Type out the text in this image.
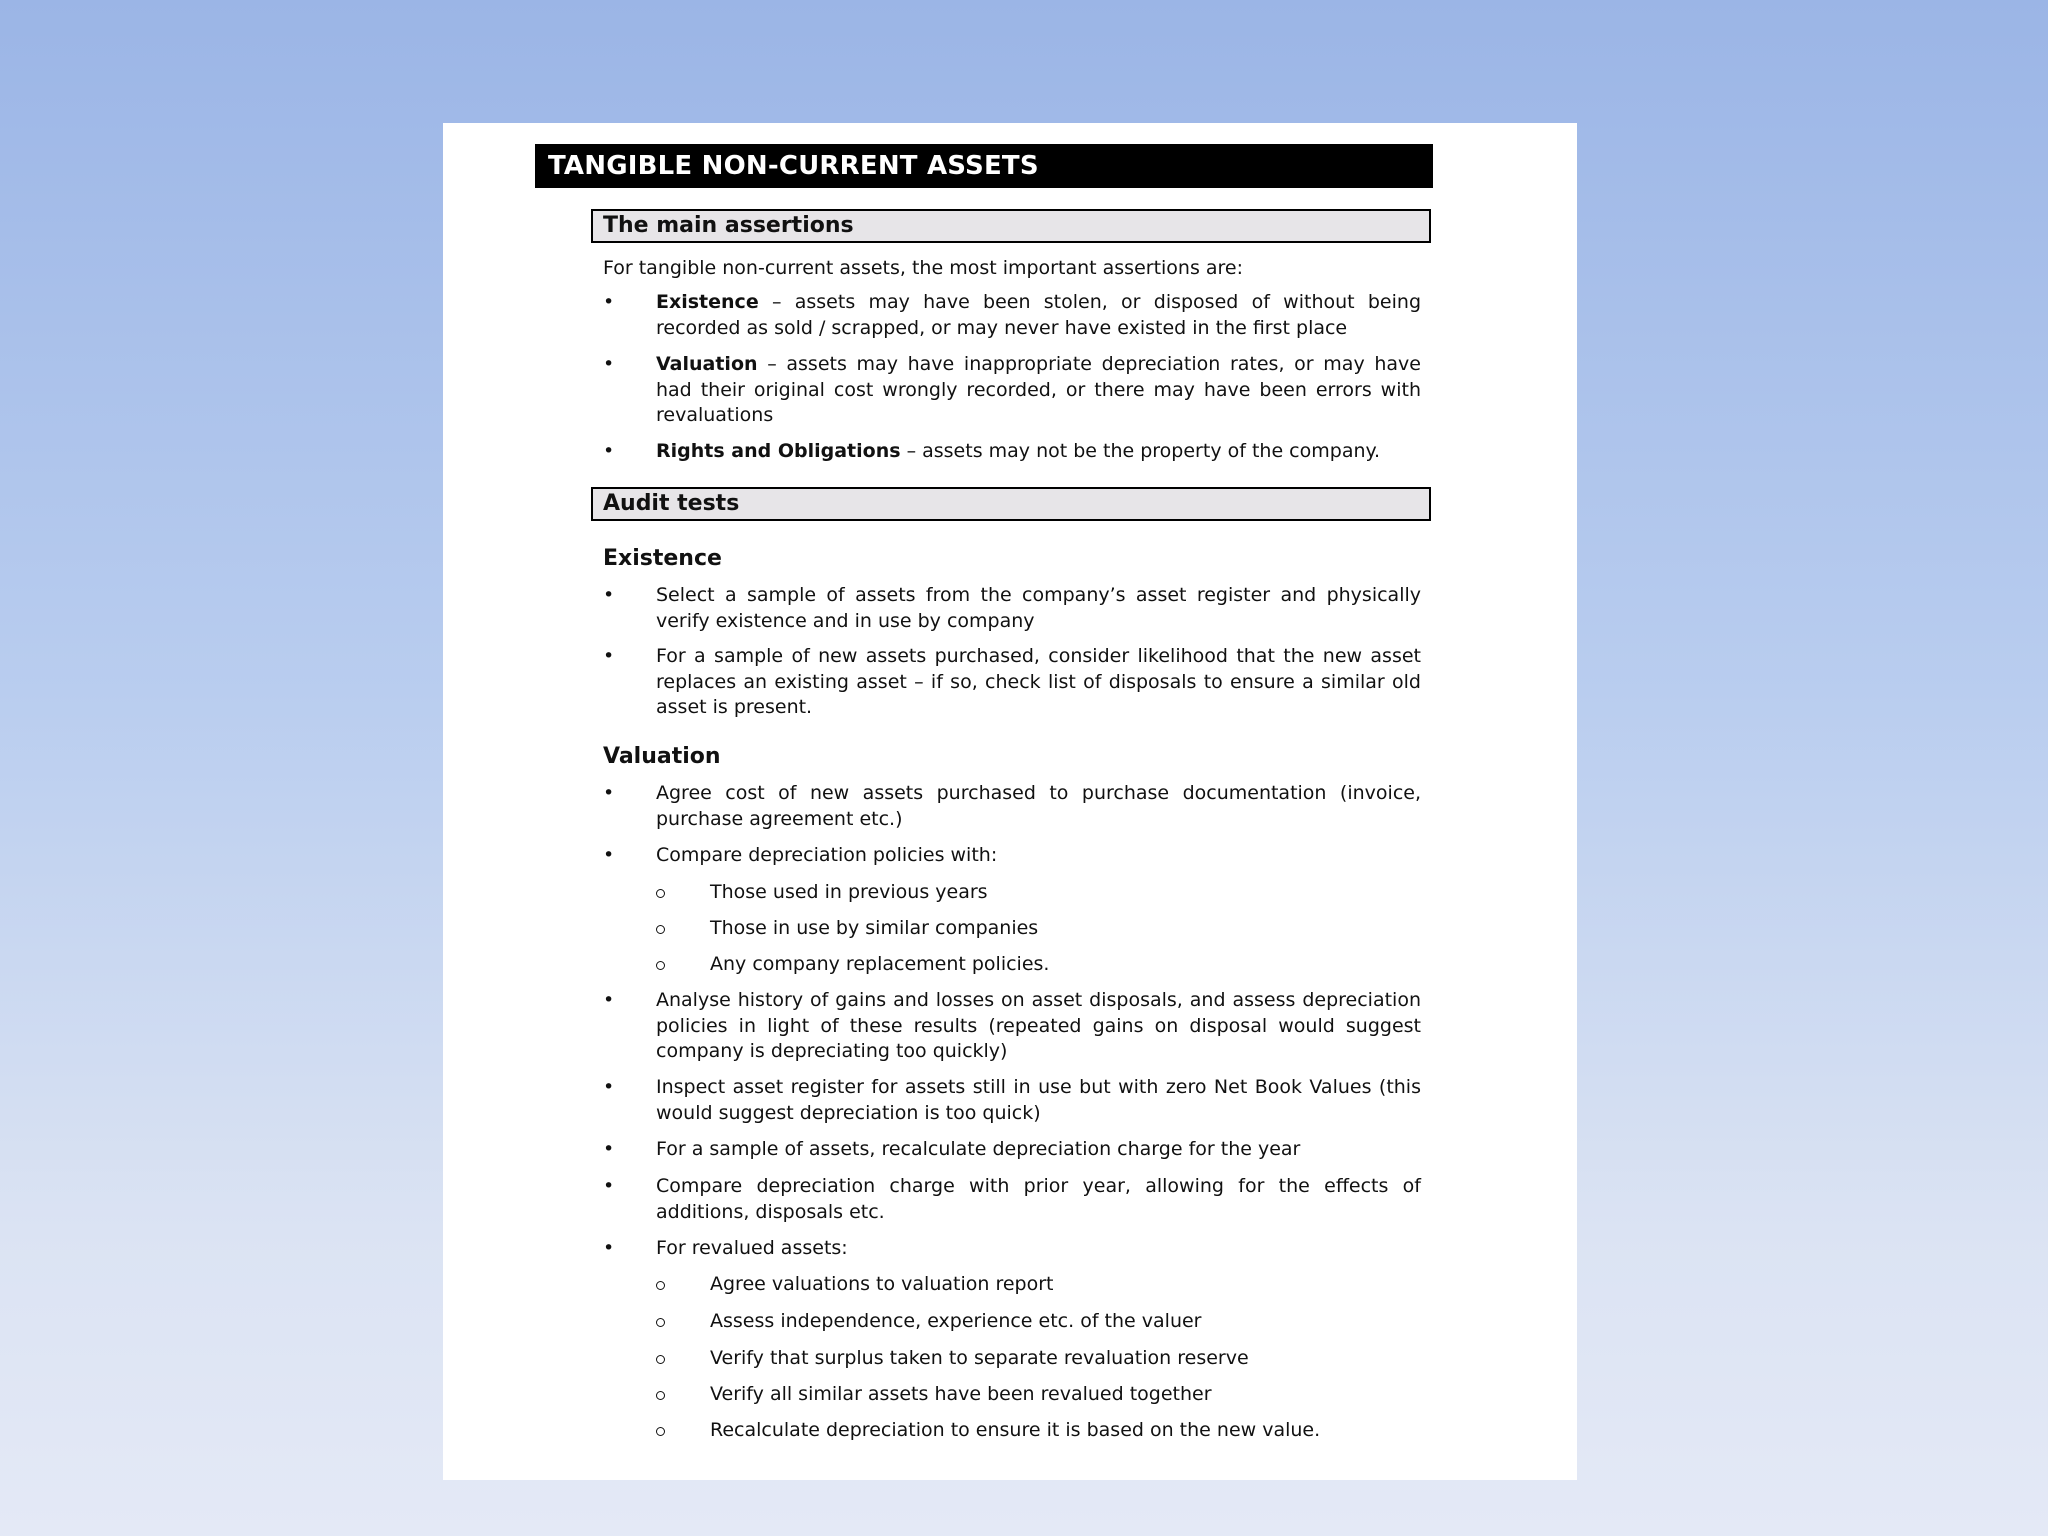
TANGIBLE NON-CURRENT ASSETS
The main assertions
For tangible non-current assets, the most important assertions are:
•	Existence – assets may have been stolen, or disposed of without being recorded as sold / scrapped, or may never have existed in the first place
•	Valuation – assets may have inappropriate depreciation rates, or may have had their original cost wrongly recorded, or there may have been errors with revaluations
•	Rights and Obligations – assets may not be the property of the company.
Audit tests
Existence
•	Select a sample of assets from the company’s asset register and physically verify existence and in use by company
•	For a sample of new assets purchased, consider likelihood that the new asset replaces an existing asset – if so, check list of disposals to ensure a similar old asset is present.
Valuation
•	Agree cost of new assets purchased to purchase documentation (invoice, purchase agreement etc.)
•	Compare depreciation policies with:
Those used in previous years
Those in use by similar companies
Any company replacement policies.
•	Analyse history of gains and losses on asset disposals, and assess depreciation policies in light of these results (repeated gains on disposal would suggest company is depreciating too quickly)
•	Inspect asset register for assets still in use but with zero Net Book Values (this would suggest depreciation is too quick)
•	For a sample of assets, recalculate depreciation charge for the year
•	Compare depreciation charge with prior year, allowing for the effects of additions, disposals etc.
•	For revalued assets:
Agree valuations to valuation report
Assess independence, experience etc. of the valuer
Verify that surplus taken to separate revaluation reserve
Verify all similar assets have been revalued together
Recalculate depreciation to ensure it is based on the new value.
